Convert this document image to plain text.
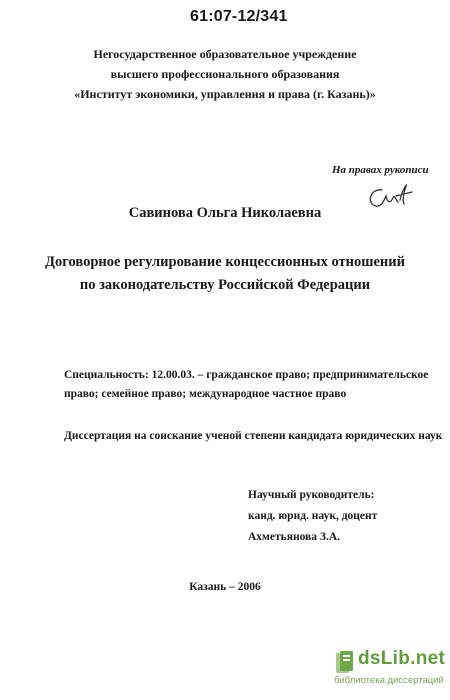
61:07-12/341
Негосударственное образовательное учреждение
высшего профессионального образования
«Институт экономики, управления и права (г. Казань)»
На правах рукописи
Савинова Ольга Николаевна
Договорное регулирование концессионных отношений
по законодательству Российской Федерации
Специальность: 12.00.03. – гражданское право; предпринимательское
право; семейное право; международное частное право
Диссертация на соискание ученой степени кандидата юридических наук
Научный руководитель:
канд. юрид. наук, доцент
Ахметьянова З.А.
Казань – 2006
dsLib.net
библиотека диссертаций
